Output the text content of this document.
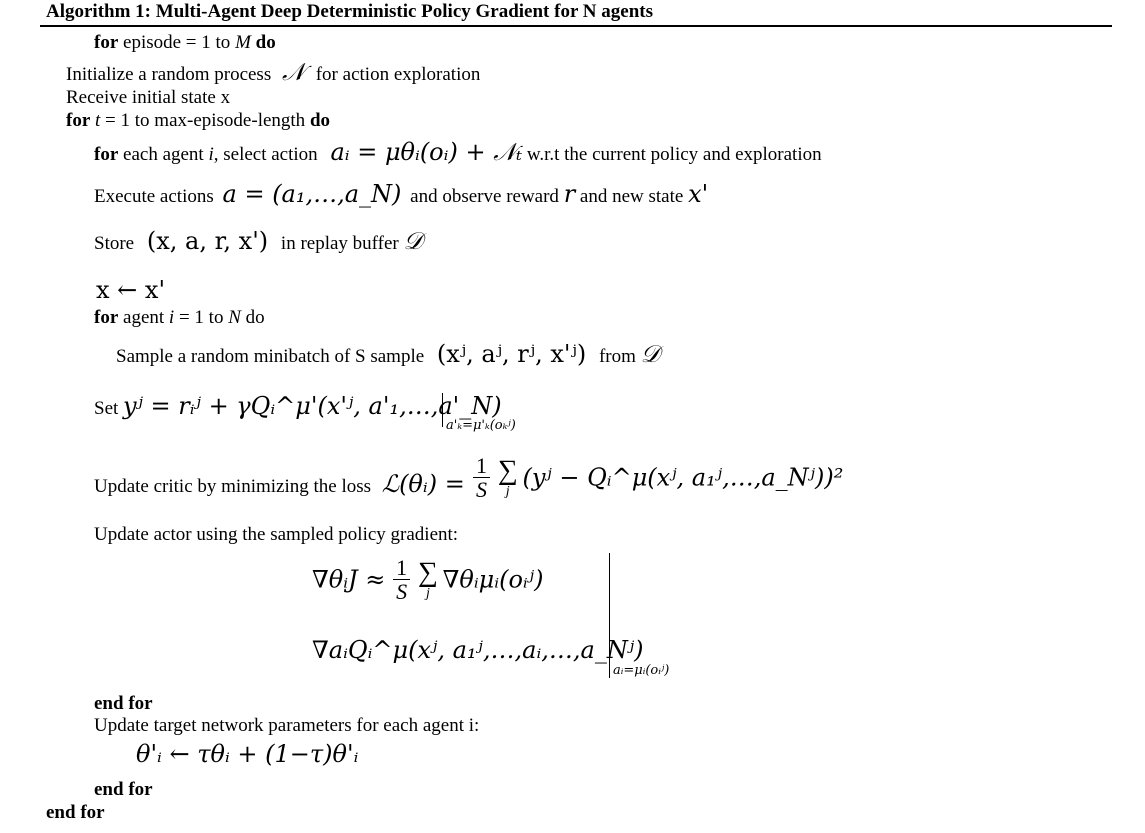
Algorithm 1: Multi-Agent Deep Deterministic Policy Gradient for N agents
for episode = 1 to M do
Initialize a random process 𝒩 for action exploration
Receive initial state x
for t = 1 to max-episode-length do
for each agent i, select action aᵢ = μθᵢ(oᵢ) + 𝒩ₜ w.r.t the current policy and exploration
Execute actions a = (a₁,…,a_N) and observe reward r and new state x'
Store (x, a, r, x') in replay buffer 𝒟
x ← x'
for agent i = 1 to N do
Sample a random minibatch of S sample (xʲ, aʲ, rʲ, x'ʲ) from 𝒟
Set yʲ = rᵢʲ + γQᵢ^μ'(x'ʲ, a'₁,…,a'_N)
a'ₖ=μ'ₖ(oₖʲ)
Update critic by minimizing the loss ℒ(θᵢ) = $\frac{1}{S}$ ∑
j (yʲ − Qᵢ^μ(xʲ, a₁ʲ,…,a_Nʲ))²
Update actor using the sampled policy gradient:
∇θᵢJ ≈ $\frac{1}{S}$ ∑
j ∇θᵢμᵢ(oᵢʲ)
∇aᵢQᵢ^μ(xʲ, a₁ʲ,…,aᵢ,…,a_Nʲ)
aᵢ=μᵢ(oᵢʲ)
end for
Update target network parameters for each agent i:
θ'ᵢ ← τθᵢ + (1−τ)θ'ᵢ
end for
end for
